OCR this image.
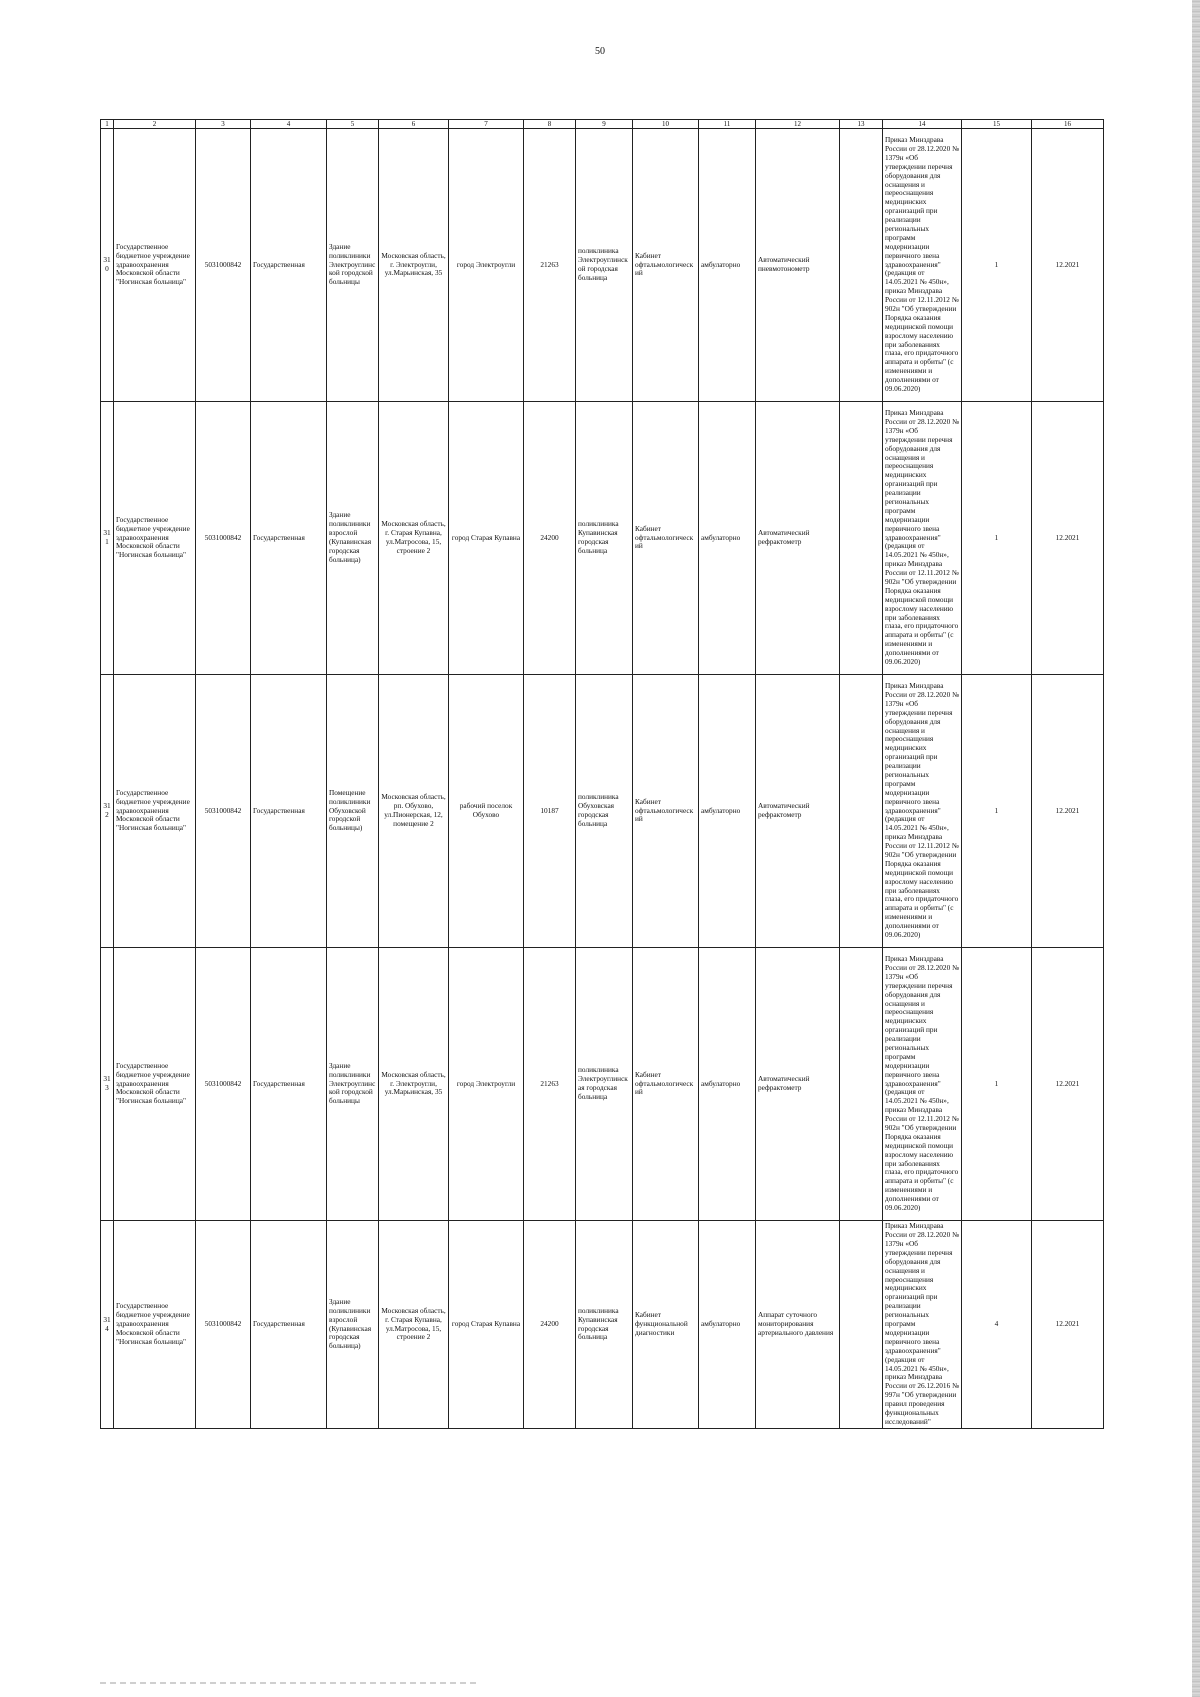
50
1	2	3	4	5	6	7	8	9	10	11	12	13	14	15	16
310	Государственное бюджетное учреждение здравоохранения Московской области "Ногинская больница"	5031000842	Государственная	Здание поликлиники Электроуглинской городской больницы	Московская область, г. Электроугли, ул.Марьинская, 35	город Электроугли	21263	поликлиника Электроуглинской городская больница	Кабинет офтальмологический	амбулаторно	Автоматический пневмотонометр		Приказ Минздрава России от 28.12.2020 № 1379н «Об утверждении перечня оборудования для оснащения и переоснащения медицинских организаций при реализации региональных программ модернизации первичного звена здравоохранения"(редакция от 14.05.2021 № 450н», приказ Минздрава России от 12.11.2012 № 902н "Об утверждении Порядка оказания медицинской помощи взрослому населению при заболеваниях глаза, его придаточного аппарата и орбиты" (с изменениями и дополнениями от 09.06.2020)	1	12.2021
311	Государственное бюджетное учреждение здравоохранения Московской области "Ногинская больница"	5031000842	Государственная	Здание поликлиники взрослой (Купавинская городская больница)	Московская область, г. Старая Купавна, ул.Матросова, 15, строение 2	город Старая Купавна	24200	поликлиника Купавинская городская больница	Кабинет офтальмологический	амбулаторно	Автоматический рефрактометр		Приказ Минздрава России от 28.12.2020 № 1379н «Об утверждении перечня оборудования для оснащения и переоснащения медицинских организаций при реализации региональных программ модернизации первичного звена здравоохранения"(редакция от 14.05.2021 № 450н», приказ Минздрава России от 12.11.2012 № 902н "Об утверждении Порядка оказания медицинской помощи взрослому населению при заболеваниях глаза, его придаточного аппарата и орбиты" (с изменениями и дополнениями от 09.06.2020)	1	12.2021
312	Государственное бюджетное учреждение здравоохранения Московской области "Ногинская больница"	5031000842	Государственная	Помещение поликлиники Обуховской городской больницы)	Московская область, рп. Обухово, ул.Пионерская, 12, помещение 2	рабочий поселок Обухово	10187	поликлиника Обуховская городская больница	Кабинет офтальмологический	амбулаторно	Автоматический рефрактометр		Приказ Минздрава России от 28.12.2020 № 1379н «Об утверждении перечня оборудования для оснащения и переоснащения медицинских организаций при реализации региональных программ модернизации первичного звена здравоохранения"(редакция от 14.05.2021 № 450н», приказ Минздрава России от 12.11.2012 № 902н "Об утверждении Порядка оказания медицинской помощи взрослому населению при заболеваниях глаза, его придаточного аппарата и орбиты" (с изменениями и дополнениями от 09.06.2020)	1	12.2021
313	Государственное бюджетное учреждение здравоохранения Московской области "Ногинская больница"	5031000842	Государственная	Здание поликлиники Электроуглинской городской больницы	Московская область, г. Электроугли, ул.Марьинская, 35	город Электроугли	21263	поликлиника Электроуглинская городская больница	Кабинет офтальмологический	амбулаторно	Автоматический рефрактометр		Приказ Минздрава России от 28.12.2020 № 1379н «Об утверждении перечня оборудования для оснащения и переоснащения медицинских организаций при реализации региональных программ модернизации первичного звена здравоохранения"(редакция от 14.05.2021 № 450н», приказ Минздрава России от 12.11.2012 № 902н "Об утверждении Порядка оказания медицинской помощи взрослому населению при заболеваниях глаза, его придаточного аппарата и орбиты" (с изменениями и дополнениями от 09.06.2020)	1	12.2021
314	Государственное бюджетное учреждение здравоохранения Московской области "Ногинская больница"	5031000842	Государственная	Здание поликлиники взрослой (Купавинская городская больница)	Московская область, г. Старая Купавна, ул.Матросова, 15, строение 2	город Старая Купавна	24200	поликлиника Купавинская городская больница	Кабинет функциональной диагностики	амбулаторно	Аппарат суточного мониторирования артериального давления		Приказ Минздрава России от 28.12.2020 № 1379н «Об утверждении перечня оборудования для оснащения и переоснащения медицинских организаций при реализации региональных программ модернизации первичного звена здравоохранения"(редакция от 14.05.2021 № 450н», приказ Минздрава России от 26.12.2016 № 997н "Об утверждении правил проведения функциональных исследований"	4	12.2021
